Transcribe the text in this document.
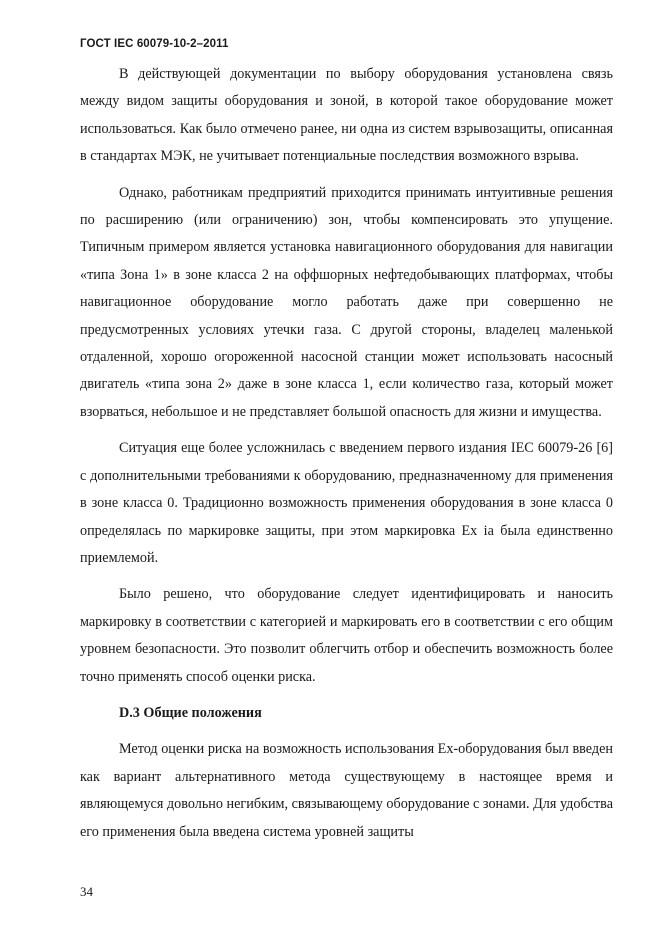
ГОСТ IEC 60079-10-2–2011

В действующей документации по выбору оборудования установлена связь между видом защиты оборудования и зоной, в которой такое оборудование может использоваться. Как было отмечено ранее, ни одна из систем взрывозащиты, описанная в стандартах МЭК, не учитывает потенциальные последствия возможного взрыва.

Однако, работникам предприятий приходится принимать интуитивные решения по расширению (или ограничению) зон, чтобы компенсировать это упущение. Типичным примером является установка навигационного оборудования для навигации «типа Зона 1» в зоне класса 2 на оффшорных нефтедобывающих платформах, чтобы навигационное оборудование могло работать даже при совершенно не предусмотренных условиях утечки газа. С другой стороны, владелец маленькой отдаленной, хорошо огороженной насосной станции может использовать насосный двигатель «типа зона 2» даже в зоне класса 1, если количество газа, который может взорваться, небольшое и не представляет большой опасность для жизни и имущества.

Ситуация еще более усложнилась с введением первого издания IEC 60079-26 [6] с дополнительными требованиями к оборудованию, предназначенному для применения в зоне класса 0. Традиционно возможность применения оборудования в зоне класса 0 определялась по маркировке защиты, при этом маркировка Ex ia была единственно приемлемой.

Было решено, что оборудование следует идентифицировать и наносить маркировку в соответствии с категорией и маркировать его в соответствии с его общим уровнем безопасности. Это позволит облегчить отбор и обеспечить возможность более точно применять способ оценки риска.

D.3 Общие положения

Метод оценки риска на возможность использования Ex-оборудования был введен как вариант альтернативного метода существующему в настоящее время и являющемуся довольно негибким, связывающему оборудование с зонами. Для удобства его применения была введена система уровней защиты

34
